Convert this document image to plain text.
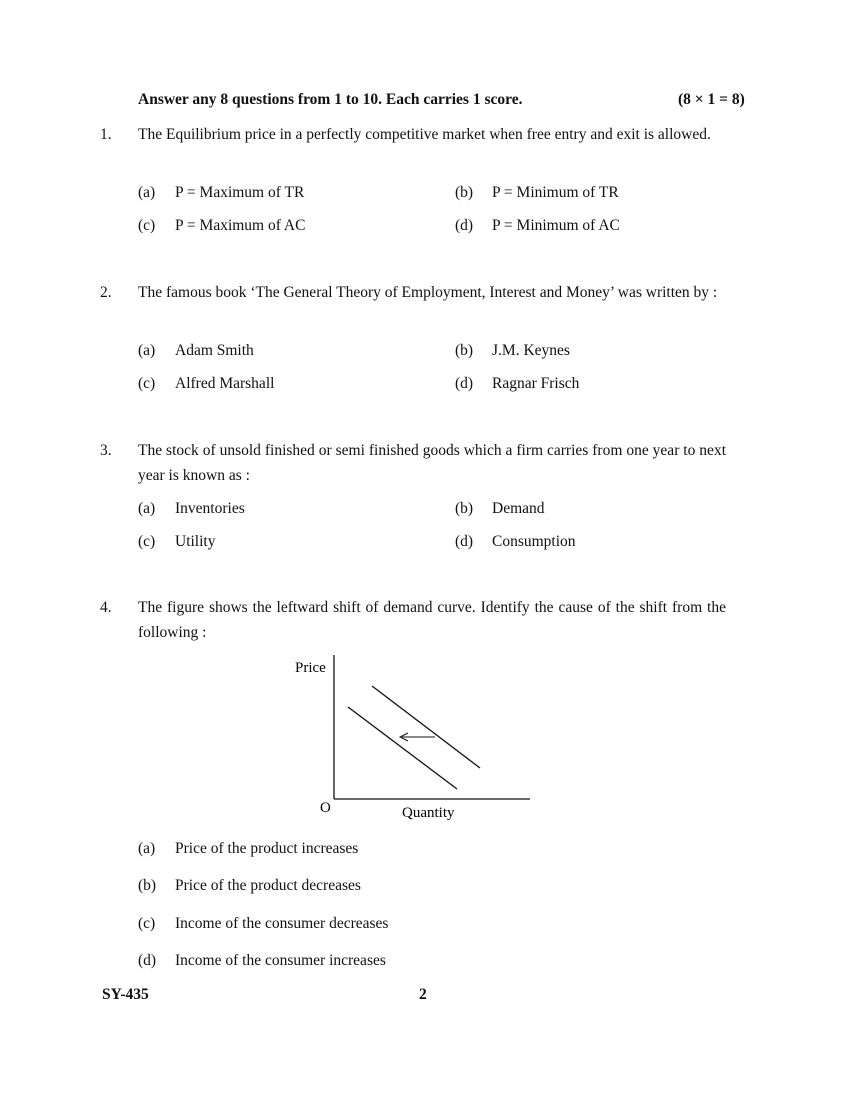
Answer any 8 questions from 1 to 10. Each carries 1 score.	(8 × 1 = 8)
1. The Equilibrium price in a perfectly competitive market when free entry and exit is allowed.
(a) P = Maximum of TR	(b) P = Minimum of TR
(c) P = Maximum of AC	(d) P = Minimum of AC
2. The famous book ‘The General Theory of Employment, Interest and Money’ was written by :
(a) Adam Smith	(b) J.M. Keynes
(c) Alfred Marshall	(d) Ragnar Frisch
3. The stock of unsold finished or semi finished goods which a firm carries from one year to next year is known as :
(a) Inventories	(b) Demand
(c) Utility	(d) Consumption
4. The figure shows the leftward shift of demand curve. Identify the cause of the shift from the following :
Price
O	Quantity
(a) Price of the product increases
(b) Price of the product decreases
(c) Income of the consumer decreases
(d) Income of the consumer increases
SY-435	2
